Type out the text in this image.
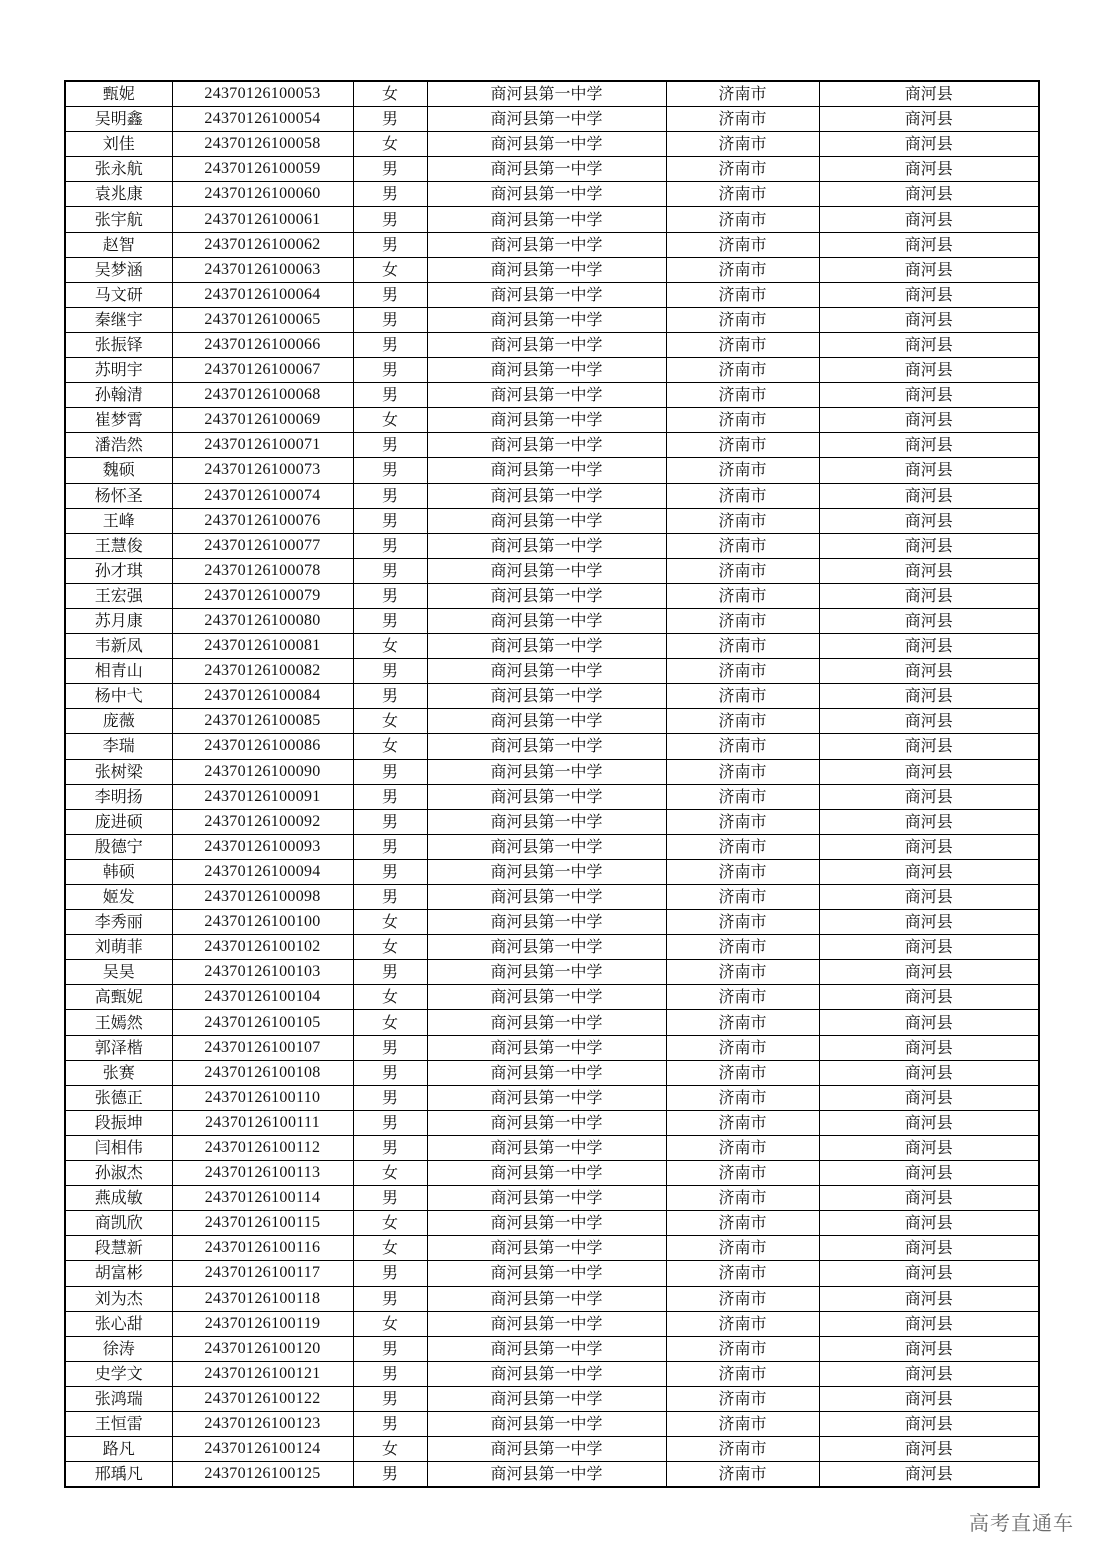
甄妮	24370126100053	女	商河县第一中学	济南市	商河县
吴明鑫	24370126100054	男	商河县第一中学	济南市	商河县
刘佳	24370126100058	女	商河县第一中学	济南市	商河县
张永航	24370126100059	男	商河县第一中学	济南市	商河县
袁兆康	24370126100060	男	商河县第一中学	济南市	商河县
张宇航	24370126100061	男	商河县第一中学	济南市	商河县
赵智	24370126100062	男	商河县第一中学	济南市	商河县
吴梦涵	24370126100063	女	商河县第一中学	济南市	商河县
马文研	24370126100064	男	商河县第一中学	济南市	商河县
秦继宇	24370126100065	男	商河县第一中学	济南市	商河县
张振铎	24370126100066	男	商河县第一中学	济南市	商河县
苏明宇	24370126100067	男	商河县第一中学	济南市	商河县
孙翰清	24370126100068	男	商河县第一中学	济南市	商河县
崔梦霄	24370126100069	女	商河县第一中学	济南市	商河县
潘浩然	24370126100071	男	商河县第一中学	济南市	商河县
魏硕	24370126100073	男	商河县第一中学	济南市	商河县
杨怀圣	24370126100074	男	商河县第一中学	济南市	商河县
王峰	24370126100076	男	商河县第一中学	济南市	商河县
王慧俊	24370126100077	男	商河县第一中学	济南市	商河县
孙才琪	24370126100078	男	商河县第一中学	济南市	商河县
王宏强	24370126100079	男	商河县第一中学	济南市	商河县
苏月康	24370126100080	男	商河县第一中学	济南市	商河县
韦新凤	24370126100081	女	商河县第一中学	济南市	商河县
相青山	24370126100082	男	商河县第一中学	济南市	商河县
杨中弋	24370126100084	男	商河县第一中学	济南市	商河县
庞薇	24370126100085	女	商河县第一中学	济南市	商河县
李瑞	24370126100086	女	商河县第一中学	济南市	商河县
张树梁	24370126100090	男	商河县第一中学	济南市	商河县
李明扬	24370126100091	男	商河县第一中学	济南市	商河县
庞进硕	24370126100092	男	商河县第一中学	济南市	商河县
殷德宁	24370126100093	男	商河县第一中学	济南市	商河县
韩硕	24370126100094	男	商河县第一中学	济南市	商河县
姬发	24370126100098	男	商河县第一中学	济南市	商河县
李秀丽	24370126100100	女	商河县第一中学	济南市	商河县
刘萌菲	24370126100102	女	商河县第一中学	济南市	商河县
吴昊	24370126100103	男	商河县第一中学	济南市	商河县
高甄妮	24370126100104	女	商河县第一中学	济南市	商河县
王嫣然	24370126100105	女	商河县第一中学	济南市	商河县
郭泽楷	24370126100107	男	商河县第一中学	济南市	商河县
张赛	24370126100108	男	商河县第一中学	济南市	商河县
张德正	24370126100110	男	商河县第一中学	济南市	商河县
段振坤	24370126100111	男	商河县第一中学	济南市	商河县
闫相伟	24370126100112	男	商河县第一中学	济南市	商河县
孙淑杰	24370126100113	女	商河县第一中学	济南市	商河县
燕成敏	24370126100114	男	商河县第一中学	济南市	商河县
商凯欣	24370126100115	女	商河县第一中学	济南市	商河县
段慧新	24370126100116	女	商河县第一中学	济南市	商河县
胡富彬	24370126100117	男	商河县第一中学	济南市	商河县
刘为杰	24370126100118	男	商河县第一中学	济南市	商河县
张心甜	24370126100119	女	商河县第一中学	济南市	商河县
徐涛	24370126100120	男	商河县第一中学	济南市	商河县
史学文	24370126100121	男	商河县第一中学	济南市	商河县
张鸿瑞	24370126100122	男	商河县第一中学	济南市	商河县
王恒雷	24370126100123	男	商河县第一中学	济南市	商河县
路凡	24370126100124	女	商河县第一中学	济南市	商河县
邢瑀凡	24370126100125	男	商河县第一中学	济南市	商河县
高考直通车
